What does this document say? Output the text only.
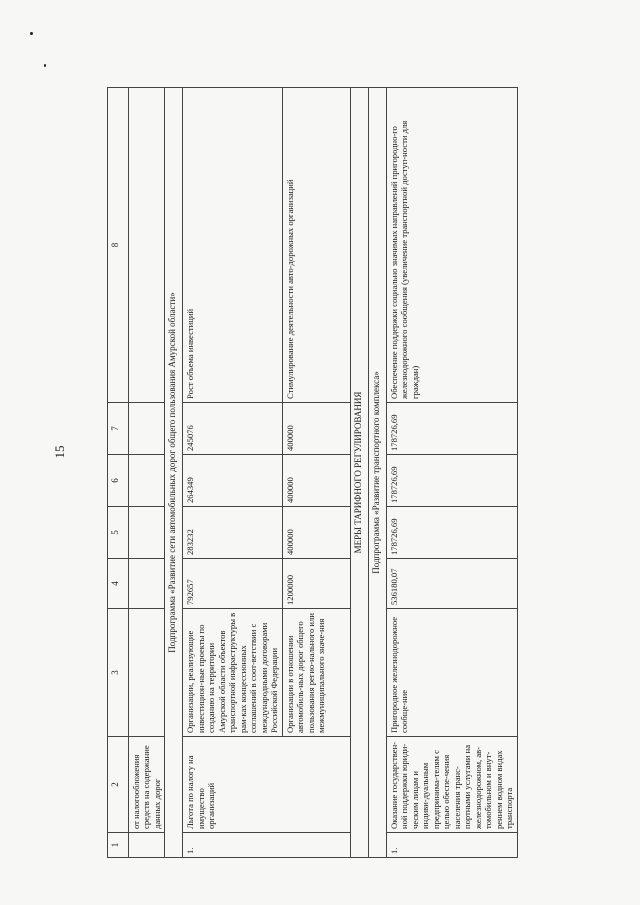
15
1	2	3	4	5	6	7	8
	от налогообложения средств на содержание данных дорог						
Подпрограмма «Развитие сети автомобильных дорог общего пользования Амурской области»							
1.	Льгота по налогу на имущество организаций	Организации, реализующие инвестицион-ные проекты по созданию на территории Амурской области объектов транспортной инфраструктуры в рам-ках концессионных соглашений в соот-ветствии с международными договорами Российской Федерации	792657	283232	264349	245076	Рост объема инвестиций
		Организации в отношении автомобиль-ных дорог общего пользования регио-нального или межмуниципального значе-ния	1200000	400000	400000	400000	Стимулирование деятельности авто-дорожных организаций
МЕРЫ ТАРИФНОГО РЕГУЛИРОВАНИЯ							
Подпрограмма «Развитие транспортного комплекса»							
1.	Оказание государствен-ной поддержки юриди-ческим лицам и индиви-дуальным предпринима-телям с целью обеспе-чения населения транс-портными услугами на железнодорожном, ав-томобильном и внут-реннем водном видах транспорта	Пригородное железнодорожное сообще-ние	536180,07	178726,69	178726,69	178726,69	Обеспечение поддержки социально значимых направлений пригородно-го железнодорожного сообщения (увеличение транспортной доступ-ности для граждан)
